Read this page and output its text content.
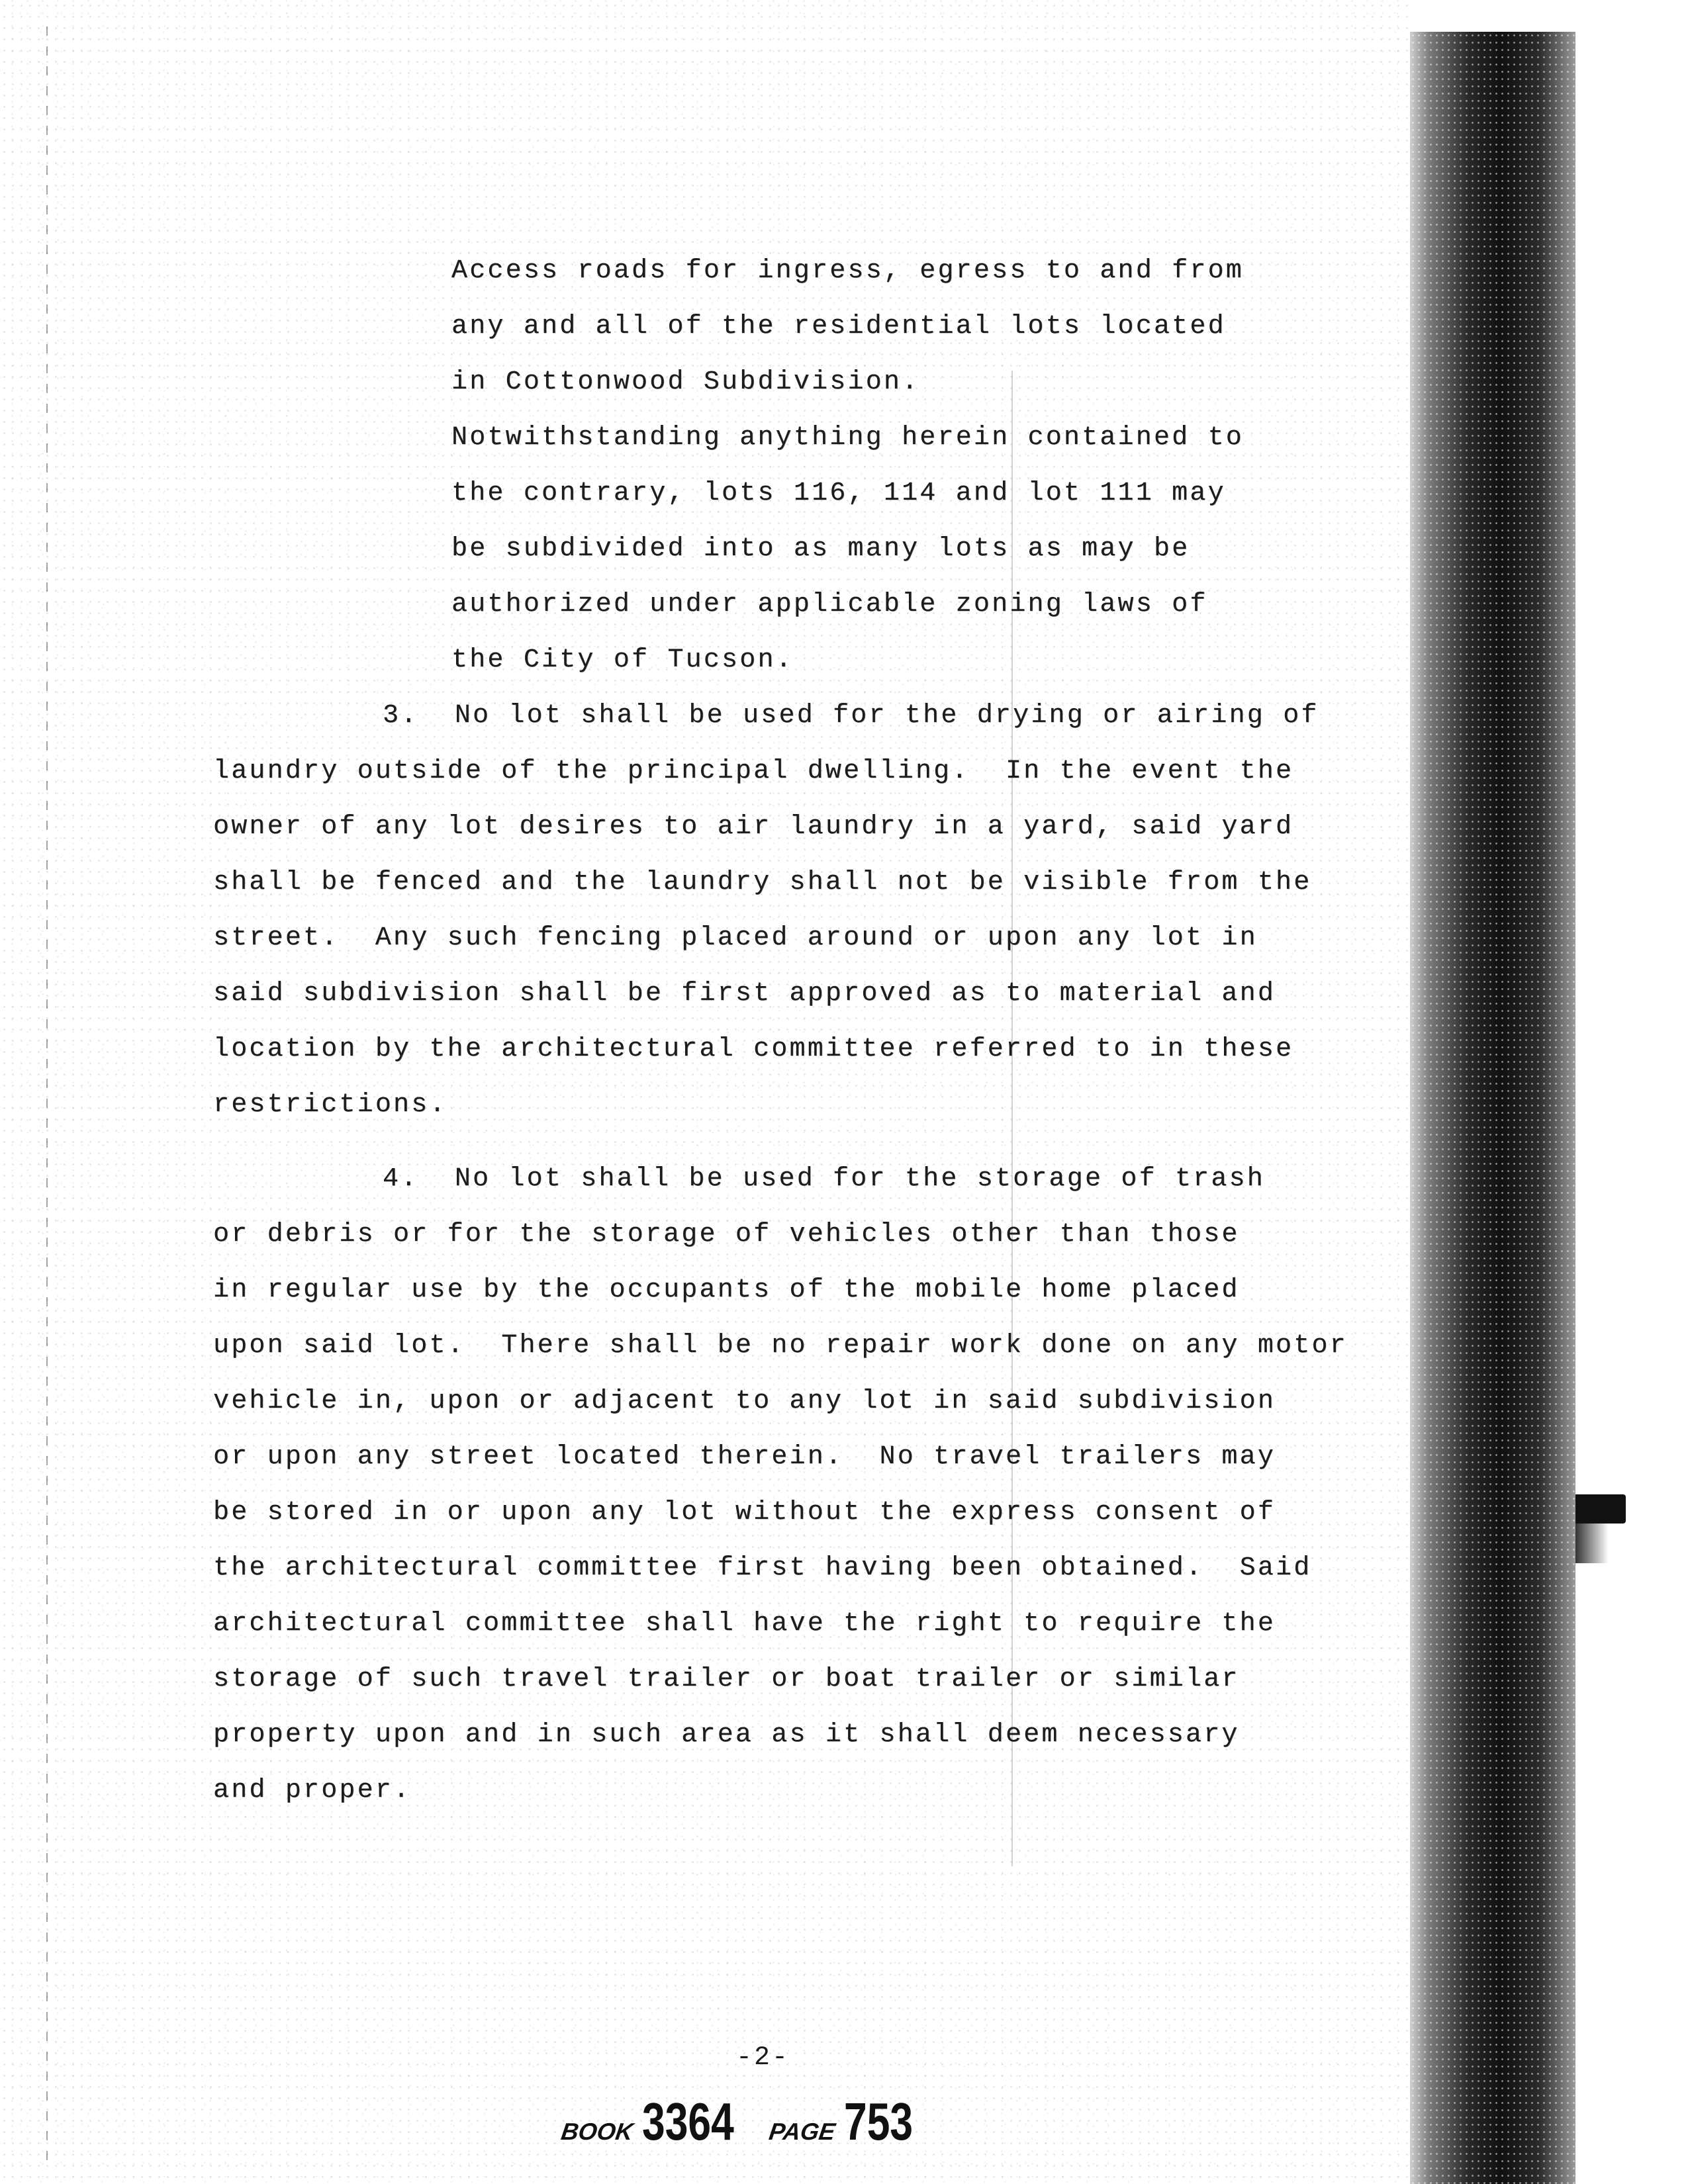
Access roads for ingress, egress to and from
any and all of the residential lots located
in Cottonwood Subdivision.
Notwithstanding anything herein contained to
the contrary, lots 116, 114 and lot 111 may
be subdivided into as many lots as may be
authorized under applicable zoning laws of
the City of Tucson.
3.  No lot shall be used for the drying or airing of
laundry outside of the principal dwelling.  In the event the
owner of any lot desires to air laundry in a yard, said yard
shall be fenced and the laundry shall not be visible from the
street.  Any such fencing placed around or upon any lot in
said subdivision shall be first approved as to material and
location by the architectural committee referred to in these
restrictions.
4.  No lot shall be used for the storage of trash
or debris or for the storage of vehicles other than those
in regular use by the occupants of the mobile home placed
upon said lot.  There shall be no repair work done on any motor
vehicle in, upon or adjacent to any lot in said subdivision
or upon any street located therein.  No travel trailers may
be stored in or upon any lot without the express consent of
the architectural committee first having been obtained.  Said
architectural committee shall have the right to require the
storage of such travel trailer or boat trailer or similar
property upon and in such area as it shall deem necessary
and proper.
-2-
BOOK 3364 PAGE 753
